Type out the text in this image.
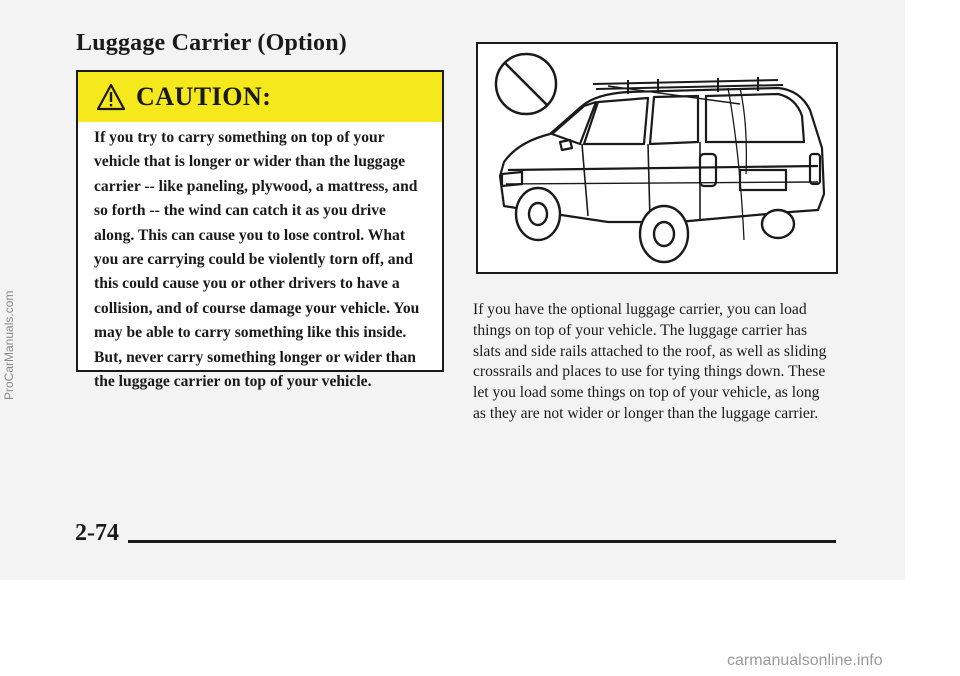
Luggage Carrier (Option)
CAUTION:

If you try to carry something on top of your
vehicle that is longer or wider than the luggage
carrier -- like paneling, plywood, a mattress, and
so forth -- the wind can catch it as you drive
along. This can cause you to lose control. What
you are carrying could be violently torn off, and
this could cause you or other drivers to have a
collision, and of course damage your vehicle. You
may be able to carry something like this inside.
But, never carry something longer or wider than
the luggage carrier on top of your vehicle.

If you have the optional luggage carrier, you can load
things on top of your vehicle. The luggage carrier has
slats and side rails attached to the roof, as well as sliding
crossrails and places to use for tying things down. These
let you load some things on top of your vehicle, as long
as they are not wider or longer than the luggage carrier.

2-74
ProCarManuals.com
carmanualsonline.info
